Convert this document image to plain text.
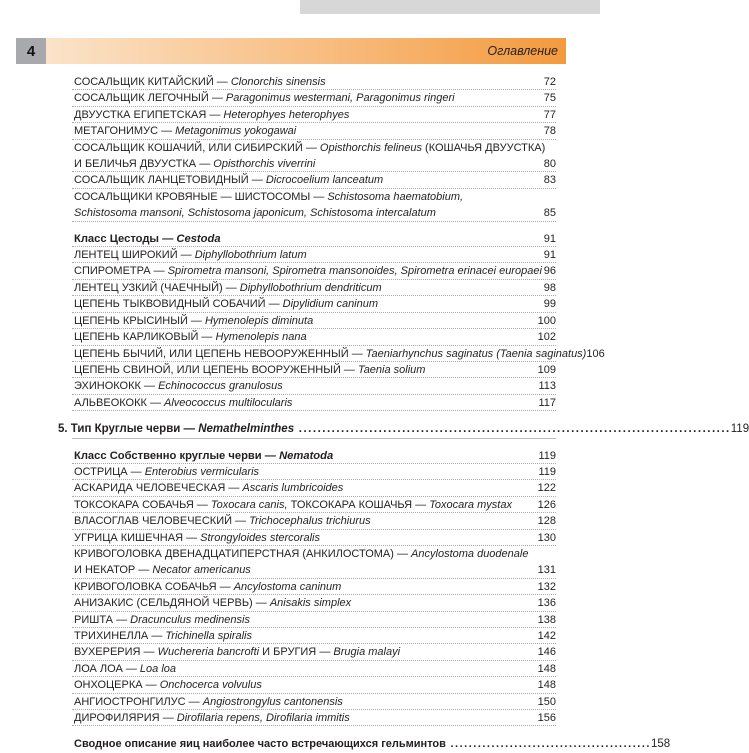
4	Оглавление
СОСАЛЬЩИК КИТАЙСКИЙ — Clonorchis sinensis	72
СОСАЛЬЩИК ЛЕГОЧНЫЙ — Paragonimus westermani, Paragonimus ringeri	75
ДВУУСТКА ЕГИПЕТСКАЯ — Heterophyes heterophyes	77
МЕТАГОНИМУС — Metagonimus yokogawai	78
СОСАЛЬЩИК КОШАЧИЙ, ИЛИ СИБИРСКИЙ — Opisthorchis felineus (КОШАЧЬЯ ДВУУСТКА)
И БЕЛИЧЬЯ ДВУУСТКА — Opisthorchis viverrini	80
СОСАЛЬЩИК ЛАНЦЕТОВИДНЫЙ — Dicrocoelium lanceatum	83
СОСАЛЬЩИКИ КРОВЯНЫЕ — ШИСТОСОМЫ — Schistosoma haematobium,
Schistosoma mansoni, Schistosoma japonicum, Schistosoma intercalatum	85
Класс Цестоды — Cestoda	91
ЛЕНТЕЦ ШИРОКИЙ — Diphyllobothrium latum	91
СПИРОМЕТРА — Spirometra mansoni, Spirometra mansonoides, Spirometra erinacei europaei 96
ЛЕНТЕЦ УЗКИЙ (ЧАЕЧНЫЙ) — Diphyllobothrium dendriticum	98
ЦЕПЕНЬ ТЫКВОВИДНЫЙ СОБАЧИЙ — Dipylidium caninum	99
ЦЕПЕНЬ КРЫСИНЫЙ — Hymenolepis diminuta	100
ЦЕПЕНЬ КАРЛИКОВЫЙ — Hymenolepis nana	102
ЦЕПЕНЬ БЫЧИЙ, ИЛИ ЦЕПЕНЬ НЕВООРУЖЕННЫЙ — Taeniarhynchus saginatus (Taenia saginatus) 106
ЦЕПЕНЬ СВИНОЙ, ИЛИ ЦЕПЕНЬ ВООРУЖЕННЫЙ — Taenia solium	109
ЭХИНОКОКК — Echinococcus granulosus	113
АЛЬВЕОКОКК — Alveococcus multilocularis	117
5. Тип Круглые черви — Nemathelminthes ............................................................................................ 119
Класс Собственно круглые черви — Nematoda	119
ОСТРИЦА — Enterobius vermicularis	119
АСКАРИДА ЧЕЛОВЕЧЕСКАЯ — Ascaris lumbricoides	122
ТОКСОКАРА СОБАЧЬЯ — Toxocara canis, ТОКСОКАРА КОШАЧЬЯ — Toxocara mystax	126
ВЛАСОГЛАВ ЧЕЛОВЕЧЕСКИЙ — Trichocephalus trichiurus	128
УГРИЦА КИШЕЧНАЯ — Strongyloides stercoralis	130
КРИВОГОЛОВКА ДВЕНАДЦАТИПЕРСТНАЯ (АНКИЛОСТОМА) — Ancylostoma duodenale
И НЕКАТОР — Necator americanus	131
КРИВОГОЛОВКА СОБАЧЬЯ — Ancylostoma caninum	132
АНИЗАКИС (СЕЛЬДЯНОЙ ЧЕРВЬ) — Anisakis simplex	136
РИШТА — Dracunculus medinensis	138
ТРИХИНЕЛЛА — Trichinella spiralis	142
ВУХЕРЕРИЯ — Wuchereria bancrofti И БРУГИЯ — Brugia malayi	146
ЛОА ЛОА — Loa loa	148
ОНХОЦЕРКА — Onchocerca volvulus	148
АНГИОСТРОНГИЛУС — Angiostrongylus cantonensis	150
ДИРОФИЛЯРИЯ — Dirofilaria repens, Dirofilaria immitis	156
Сводное описание яиц наиболее часто встречающихся гельминтов ............................................ 158
